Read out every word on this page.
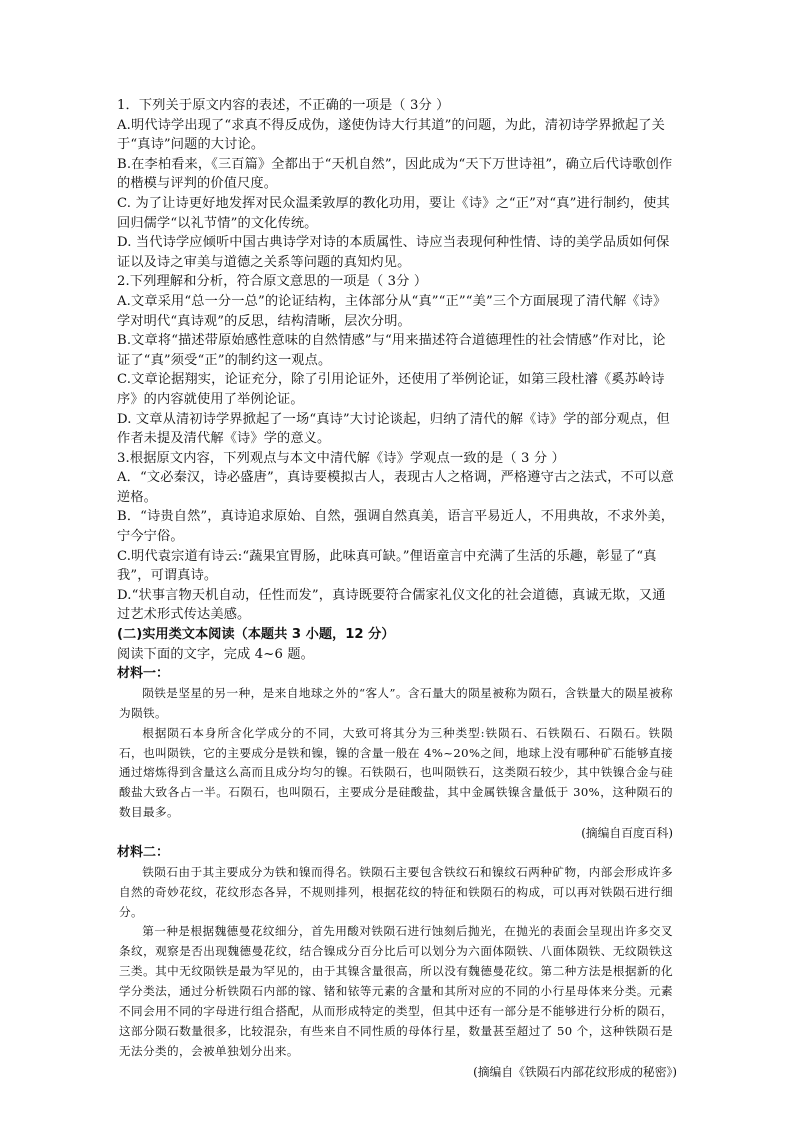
1．下列关于原文内容的表述，不正确的一项是（ 3分 ）

A.明代诗学出现了“求真不得反成伪，遂使伪诗大行其道”的问题，为此，清初诗学界掀起了关于“真诗”问题的大讨论。

B.在李柏看来，《三百篇》全都出于“天机自然”，因此成为“天下万世诗祖”，确立后代诗歌创作的楷模与评判的价值尺度。

C. 为了让诗更好地发挥对民众温柔敦厚的教化功用，要让《诗》之“正”对“真”进行制约，使其回归儒学“以礼节情”的文化传统。

D. 当代诗学应倾听中国古典诗学对诗的本质属性、诗应当表现何种性情、诗的美学品质如何保证以及诗之审美与道德之关系等问题的真知灼见。

2.下列理解和分析，符合原文意思的一项是（ 3分 ）

A.文章采用“总一分一总”的论证结构，主体部分从“真”“正”“美”三个方面展现了清代解《诗》学对明代“真诗观”的反思，结构清晰，层次分明。

B.文章将“描述带原始感性意味的自然情感”与“用来描述符合道德理性的社会情感”作对比，论证了“真”须受“正”的制约这一观点。

C.文章论据翔实，论证充分，除了引用论证外，还使用了举例论证，如第三段杜濬《奚苏岭诗序》的内容就使用了举例论证。

D. 文章从清初诗学界掀起了一场“真诗”大讨论谈起，归纳了清代的解《诗》学的部分观点，但作者未提及清代解《诗》学的意义。

3.根据原文内容，下列观点与本文中清代解《诗》学观点一致的是（ 3 分 ）

A．“文必秦汉，诗必盛唐”，真诗要模拟古人，表现古人之格调，严格遵守古之法式，不可以意逆格。

B．“诗贵自然”，真诗追求原始、自然，强调自然真美，语言平易近人，不用典故，不求外美，宁今宁俗。

C.明代袁宗道有诗云:“蔬果宜胃肠，此味真可缺。”俚语童言中充满了生活的乐趣，彰显了“真我”，可谓真诗。

D.“状事言物天机自动，任性而发”，真诗既要符合儒家礼仪文化的社会道德，真诚无欺，又通过艺术形式传达美感。

(二)实用类文本阅读（本题共 3 小题，12 分）

阅读下面的文字，完成 4~6 题。

材料一：

陨铁是坚星的另一种，是来自地球之外的“客人”。含石量大的陨星被称为陨石，含铁量大的陨星被称为陨铁。

根据陨石本身所含化学成分的不同，大致可将其分为三种类型:铁陨石、石铁陨石、石陨石。铁陨石，也叫陨铁，它的主要成分是铁和镍，镍的含量一般在 4%~20%之间，地球上没有哪种矿石能够直接通过熔炼得到含量这么高而且成分均匀的镍。石铁陨石，也叫陨铁石，这类陨石较少，其中铁镍合金与硅酸盐大致各占一半。石陨石，也叫陨石，主要成分是硅酸盐，其中金属铁镍含量低于 30%，这种陨石的数目最多。

(摘编自百度百科)

材料二：

铁陨石由于其主要成分为铁和镍而得名。铁陨石主要包含铁纹石和镍纹石两种矿物，内部会形成许多自然的奇妙花纹，花纹形态各异，不规则排列，根据花纹的特征和铁陨石的构成，可以再对铁陨石进行细分。

第一种是根据魏德曼花纹细分，首先用酸对铁陨石进行蚀刻后抛光，在抛光的表面会呈现出许多交叉条纹，观察是否出现魏德曼花纹，结合镍成分百分比后可以划分为六面体陨铁、八面体陨铁、无纹陨铁这三类。其中无纹陨铁是最为罕见的，由于其镍含量很高，所以没有魏德曼花纹。第二种方法是根据新的化学分类法，通过分析铁陨石内部的镓、锗和铱等元素的含量和其所对应的不同的小行星母体来分类。元素不同会用不同的字母进行组合搭配，从而形成特定的类型，但其中还有一部分是不能够进行分析的陨石，这部分陨石数量很多，比较混杂，有些来自不同性质的母体行星，数量甚至超过了 50 个，这种铁陨石是无法分类的，会被单独划分出来。

(摘编自《铁陨石内部花纹形成的秘密》)
